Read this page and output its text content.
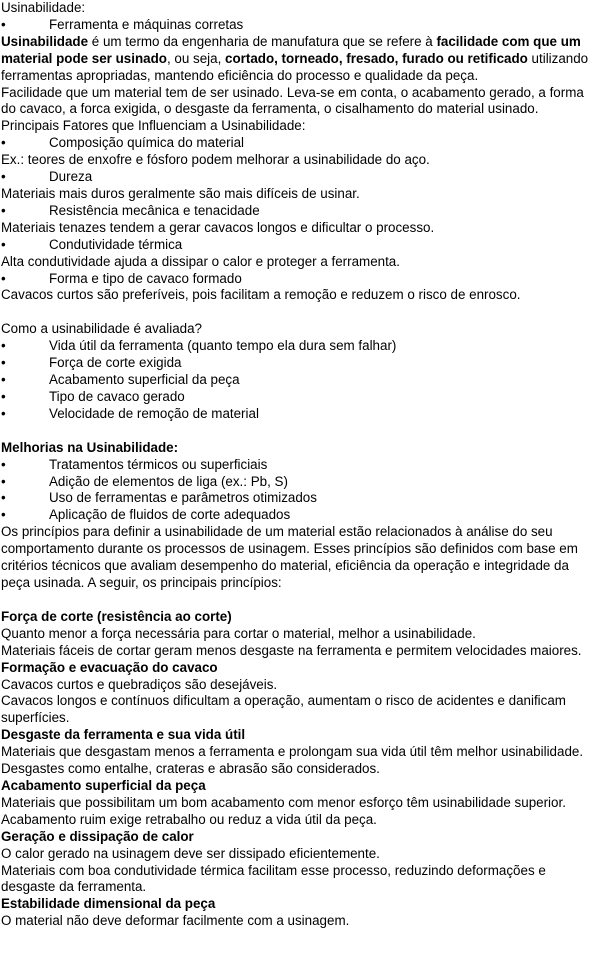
Usinabilidade:

• Ferramenta e máquinas corretas

Usinabilidade é um termo da engenharia de manufatura que se refere à facilidade com que um material pode ser usinado, ou seja, cortado, torneado, fresado, furado ou retificado utilizando ferramentas apropriadas, mantendo eficiência do processo e qualidade da peça.

Facilidade que um material tem de ser usinado. Leva-se em conta, o acabamento gerado, a forma do cavaco, a forca exigida, o desgaste da ferramenta, o cisalhamento do material usinado.

Principais Fatores que Influenciam a Usinabilidade:

• Composição química do material

Ex.: teores de enxofre e fósforo podem melhorar a usinabilidade do aço.

• Dureza

Materiais mais duros geralmente são mais difíceis de usinar.

• Resistência mecânica e tenacidade

Materiais tenazes tendem a gerar cavacos longos e dificultar o processo.

• Condutividade térmica

Alta condutividade ajuda a dissipar o calor e proteger a ferramenta.

• Forma e tipo de cavaco formado

Cavacos curtos são preferíveis, pois facilitam a remoção e reduzem o risco de enrosco.

Como a usinabilidade é avaliada?

• Vida útil da ferramenta (quanto tempo ela dura sem falhar)

• Força de corte exigida

• Acabamento superficial da peça

• Tipo de cavaco gerado

• Velocidade de remoção de material

Melhorias na Usinabilidade:

• Tratamentos térmicos ou superficiais

• Adição de elementos de liga (ex.: Pb, S)

• Uso de ferramentas e parâmetros otimizados

• Aplicação de fluidos de corte adequados

Os princípios para definir a usinabilidade de um material estão relacionados à análise do seu comportamento durante os processos de usinagem. Esses princípios são definidos com base em critérios técnicos que avaliam desempenho do material, eficiência da operação e integridade da peça usinada. A seguir, os principais princípios:

Força de corte (resistência ao corte)

Quanto menor a força necessária para cortar o material, melhor a usinabilidade.

Materiais fáceis de cortar geram menos desgaste na ferramenta e permitem velocidades maiores.

Formação e evacuação do cavaco

Cavacos curtos e quebradiços são desejáveis.

Cavacos longos e contínuos dificultam a operação, aumentam o risco de acidentes e danificam superfícies.

Desgaste da ferramenta e sua vida útil

Materiais que desgastam menos a ferramenta e prolongam sua vida útil têm melhor usinabilidade.

Desgastes como entalhe, crateras e abrasão são considerados.

Acabamento superficial da peça

Materiais que possibilitam um bom acabamento com menor esforço têm usinabilidade superior.

Acabamento ruim exige retrabalho ou reduz a vida útil da peça.

Geração e dissipação de calor

O calor gerado na usinagem deve ser dissipado eficientemente.

Materiais com boa condutividade térmica facilitam esse processo, reduzindo deformações e desgaste da ferramenta.

Estabilidade dimensional da peça

O material não deve deformar facilmente com a usinagem.
